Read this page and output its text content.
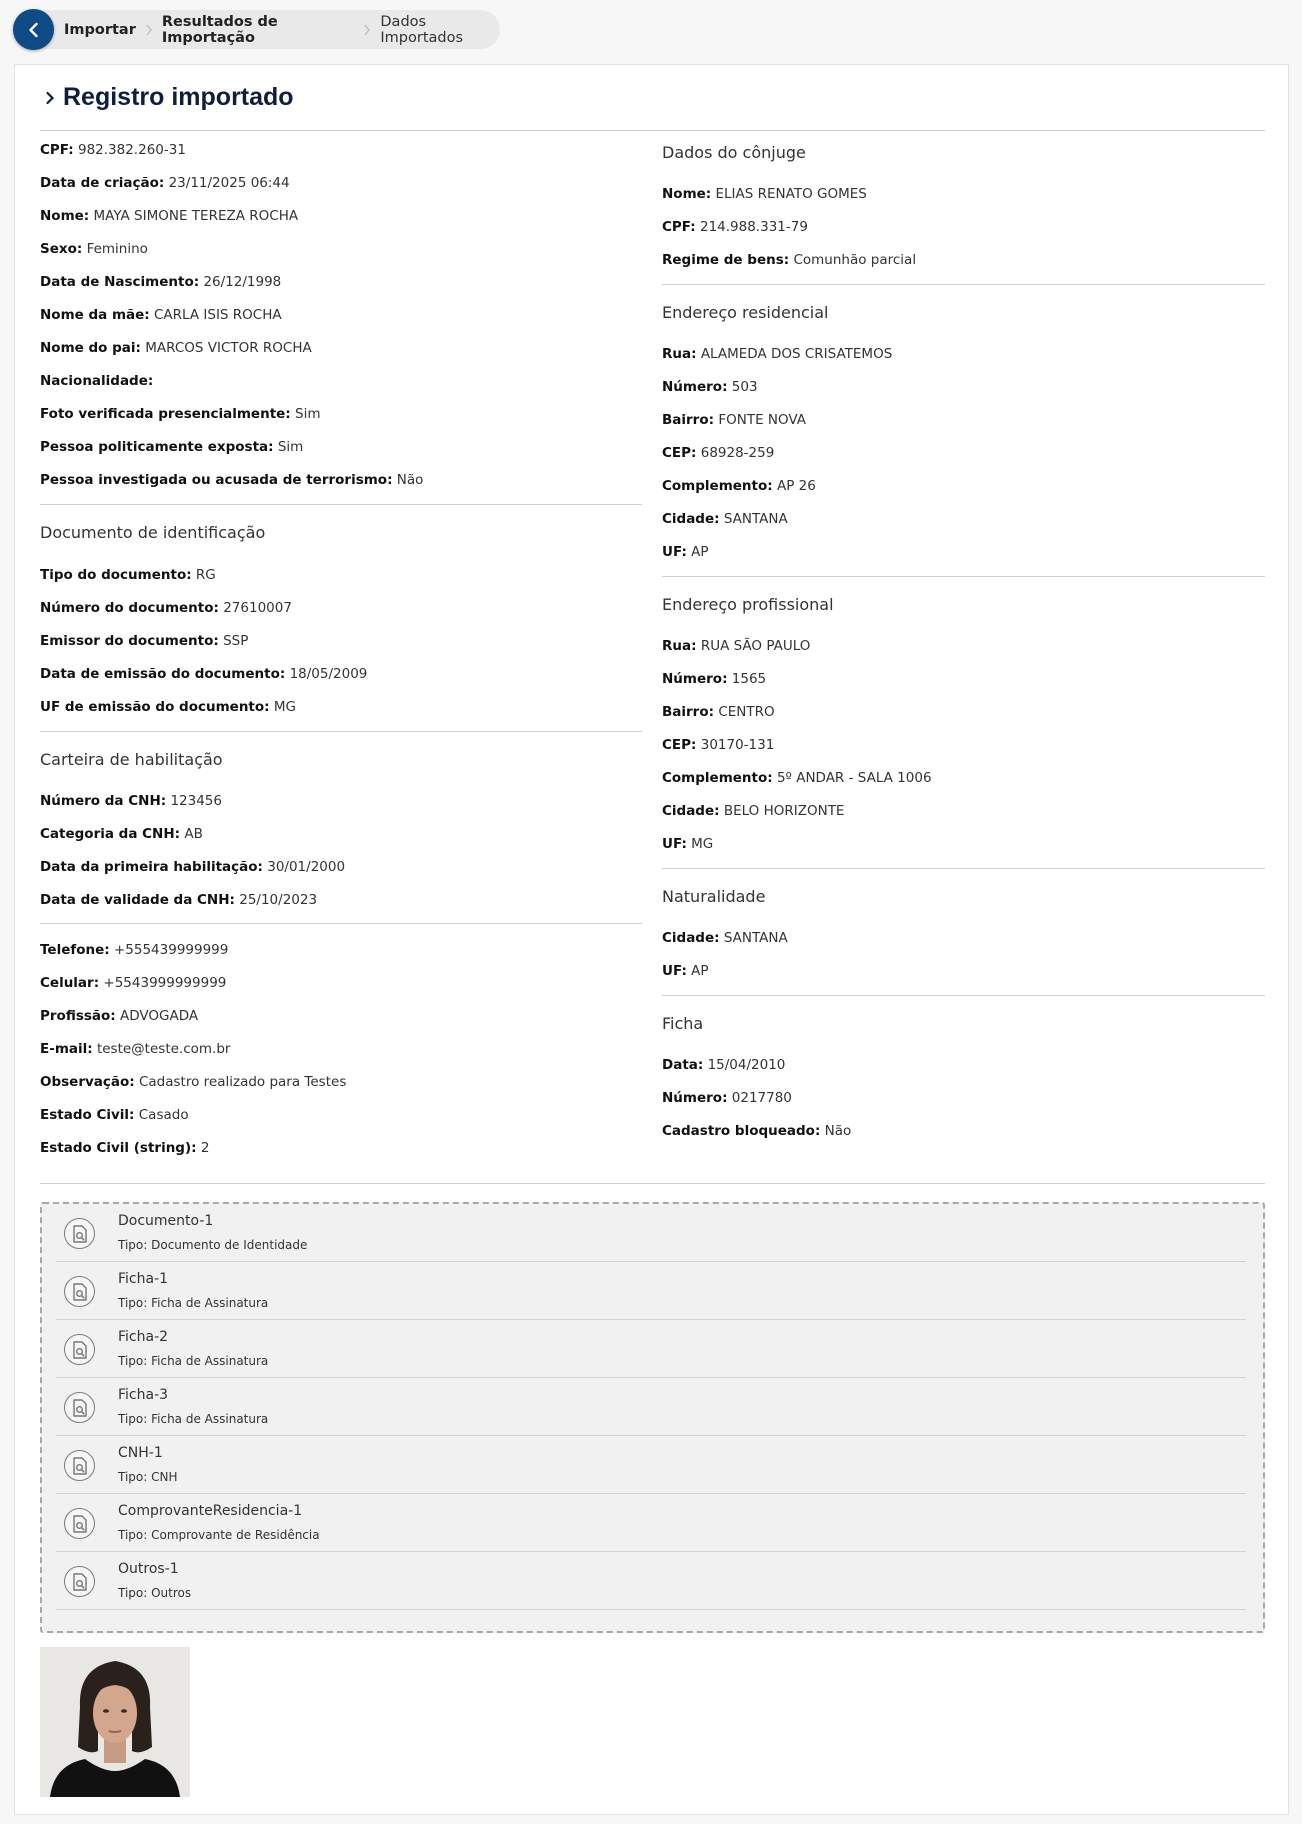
Importar Resultados de Importação
Dados Importados
Registro importado
CPF: 982.382.260-31
Data de criação: 23/11/2025 06:44
Nome: MAYA SIMONE TEREZA ROCHA
Sexo: Feminino
Data de Nascimento: 26/12/1998
Nome da mãe: CARLA ISIS ROCHA
Nome do pai: MARCOS VICTOR ROCHA
Nacionalidade:
Foto verificada presencialmente: Sim
Pessoa politicamente exposta: Sim
Pessoa investigada ou acusada de terrorismo: Não
Documento de identificação
Tipo do documento: RG
Número do documento: 27610007
Emissor do documento: SSP
Data de emissão do documento: 18/05/2009
UF de emissão do documento: MG
Carteira de habilitação
Número da CNH: 123456
Categoria da CNH: AB
Data da primeira habilitação: 30/01/2000
Data de validade da CNH: 25/10/2023
Telefone: +555439999999
Celular: +5543999999999
Profissão: ADVOGADA
E-mail: teste@teste.com.br
Observação: Cadastro realizado para Testes
Estado Civil: Casado
Estado Civil (string): 2
Dados do cônjuge
Nome: ELIAS RENATO GOMES
CPF: 214.988.331-79
Regime de bens: Comunhão parcial
Endereço residencial
Rua: ALAMEDA DOS CRISATEMOS
Número: 503
Bairro: FONTE NOVA
CEP: 68928-259
Complemento: AP 26
Cidade: SANTANA
UF: AP
Endereço profissional
Rua: RUA SÃO PAULO
Número: 1565
Bairro: CENTRO
CEP: 30170-131
Complemento: 5º ANDAR - SALA 1006
Cidade: BELO HORIZONTE
UF: MG
Naturalidade
Cidade: SANTANA
UF: AP
Ficha
Data: 15/04/2010
Número: 0217780
Cadastro bloqueado: Não
Documento-1
Tipo: Documento de Identidade
Ficha-1
Tipo: Ficha de Assinatura
Ficha-2
Tipo: Ficha de Assinatura
Ficha-3
Tipo: Ficha de Assinatura
CNH-1
Tipo: CNH
ComprovanteResidencia-1
Tipo: Comprovante de Residência
Outros-1
Tipo: Outros
